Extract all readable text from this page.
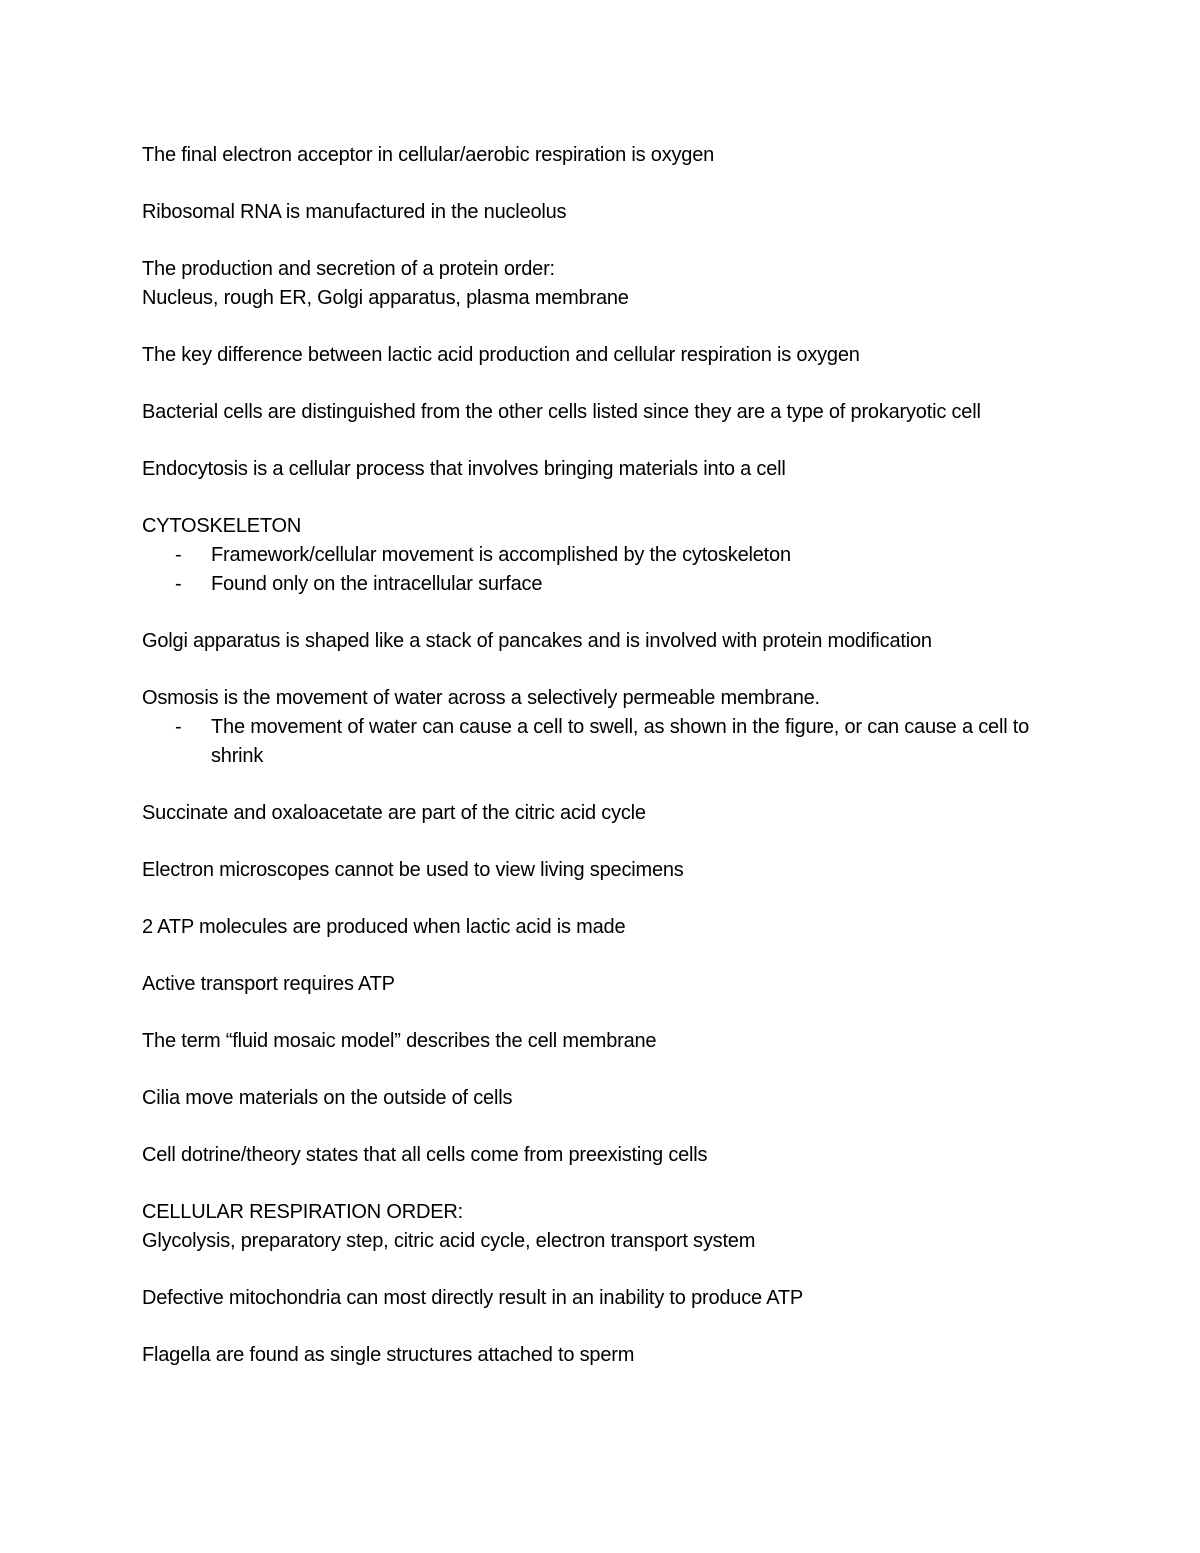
The final electron acceptor in cellular/aerobic respiration is oxygen

Ribosomal RNA is manufactured in the nucleolus

The production and secretion of a protein order:
Nucleus, rough ER, Golgi apparatus, plasma membrane

The key difference between lactic acid production and cellular respiration is oxygen

Bacterial cells are distinguished from the other cells listed since they are a type of prokaryotic cell

Endocytosis is a cellular process that involves bringing materials into a cell

CYTOSKELETON
- Framework/cellular movement is accomplished by the cytoskeleton
- Found only on the intracellular surface

Golgi apparatus is shaped like a stack of pancakes and is involved with protein modification

Osmosis is the movement of water across a selectively permeable membrane.
- The movement of water can cause a cell to swell, as shown in the figure, or can cause a cell to shrink

Succinate and oxaloacetate are part of the citric acid cycle

Electron microscopes cannot be used to view living specimens

2 ATP molecules are produced when lactic acid is made

Active transport requires ATP

The term “fluid mosaic model” describes the cell membrane

Cilia move materials on the outside of cells

Cell dotrine/theory states that all cells come from preexisting cells

CELLULAR RESPIRATION ORDER:
Glycolysis, preparatory step, citric acid cycle, electron transport system

Defective mitochondria can most directly result in an inability to produce ATP

Flagella are found as single structures attached to sperm
